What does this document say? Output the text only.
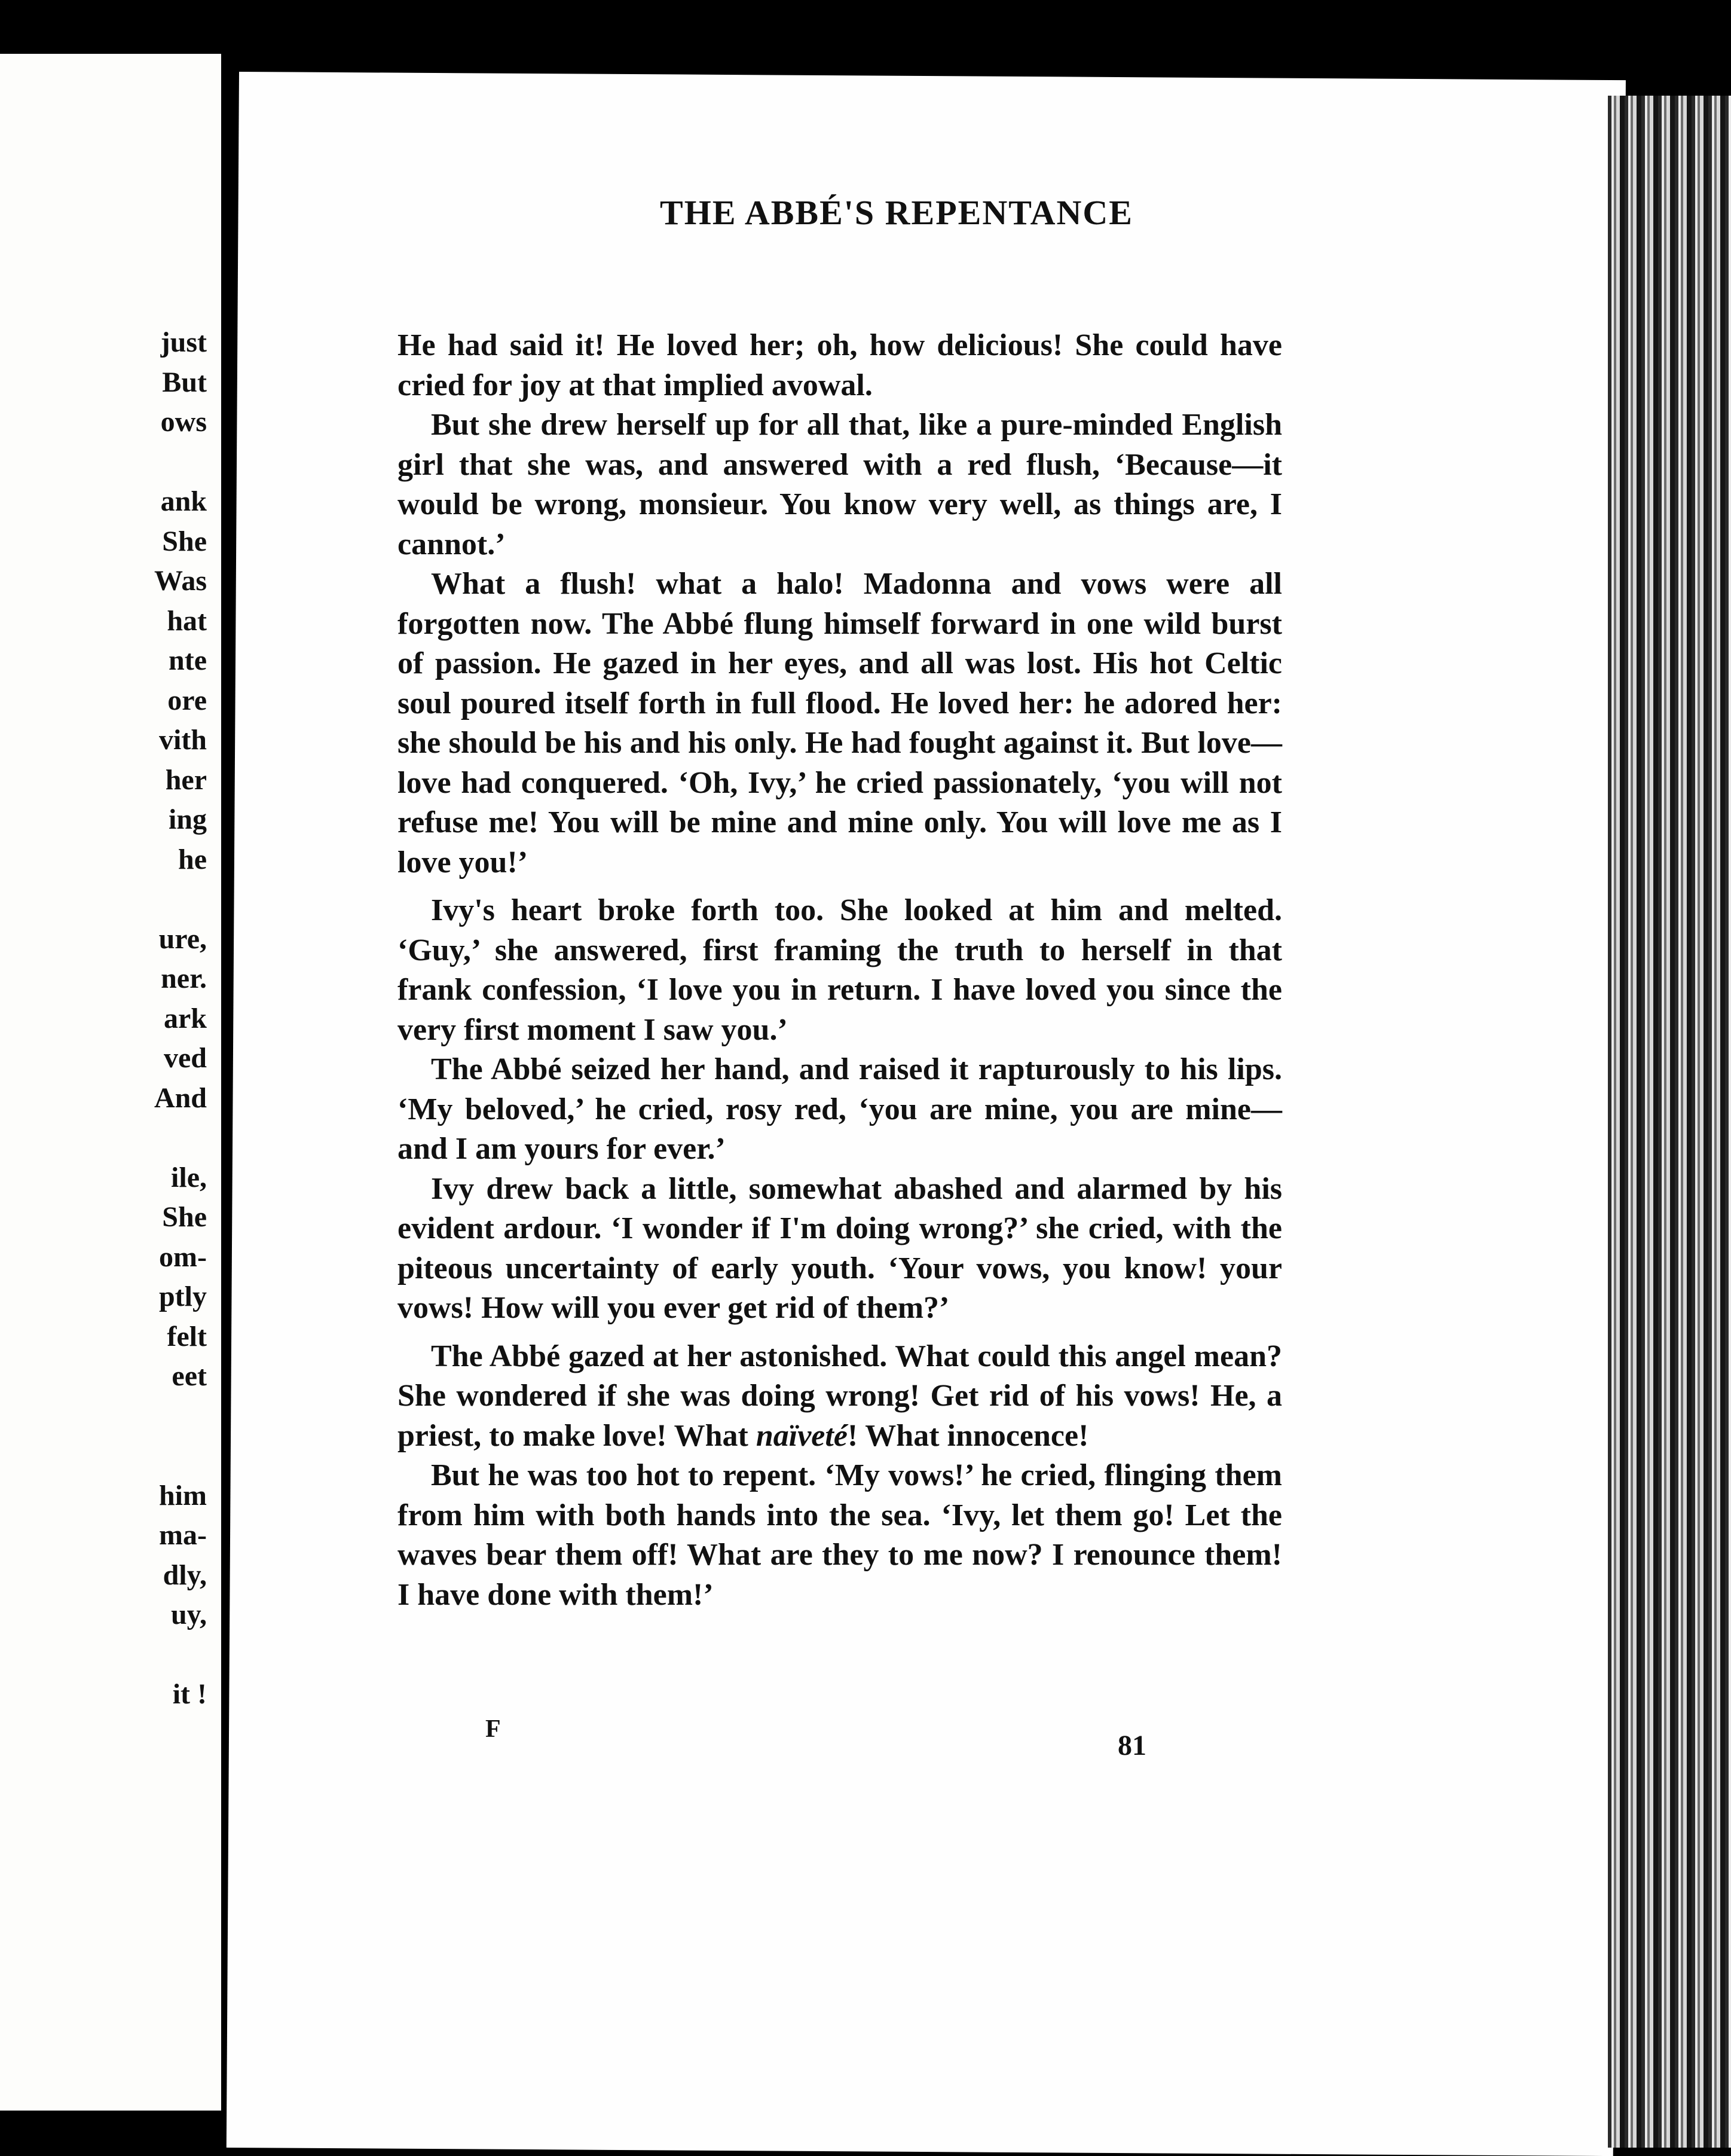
just
But
ows
ank
She
Was
hat
nte
ore
vith
her
ing
he
ure,
ner.
ark
ved
And
ile,
She
om-
ptly
felt
eet
him
ma-
dly,
uy,
it !
THE ABBÉ'S REPENTANCE

He had said it! He loved her; oh, how delicious! She could have cried for joy at that implied avowal.

But she drew herself up for all that, like a pure-minded English girl that she was, and answered with a red flush, ‘Because—it would be wrong, monsieur. You know very well, as things are, I cannot.’

What a flush! what a halo! Madonna and vows were all forgotten now. The Abbé flung himself forward in one wild burst of passion. He gazed in her eyes, and all was lost. His hot Celtic soul poured itself forth in full flood. He loved her: he adored her: she should be his and his only. He had fought against it. But love—love had conquered. ‘Oh, Ivy,’ he cried passionately, ‘you will not refuse me! You will be mine and mine only. You will love me as I love you!’

Ivy's heart broke forth too. She looked at him and melted. ‘Guy,’ she answered, first framing the truth to herself in that frank confession, ‘I love you in return. I have loved you since the very first moment I saw you.’

The Abbé seized her hand, and raised it rapturously to his lips. ‘My beloved,’ he cried, rosy red, ‘you are mine, you are mine—and I am yours for ever.’

Ivy drew back a little, somewhat abashed and alarmed by his evident ardour. ‘I wonder if I'm doing wrong?’ she cried, with the piteous uncertainty of early youth. ‘Your vows, you know! your vows! How will you ever get rid of them?’

The Abbé gazed at her astonished. What could this angel mean? She wondered if she was doing wrong! Get rid of his vows! He, a priest, to make love! What naïveté! What innocence!

But he was too hot to repent. ‘My vows!’ he cried, flinging them from him with both hands into the sea. ‘Ivy, let them go! Let the waves bear them off! What are they to me now? I renounce them! I have done with them!’

F
81
